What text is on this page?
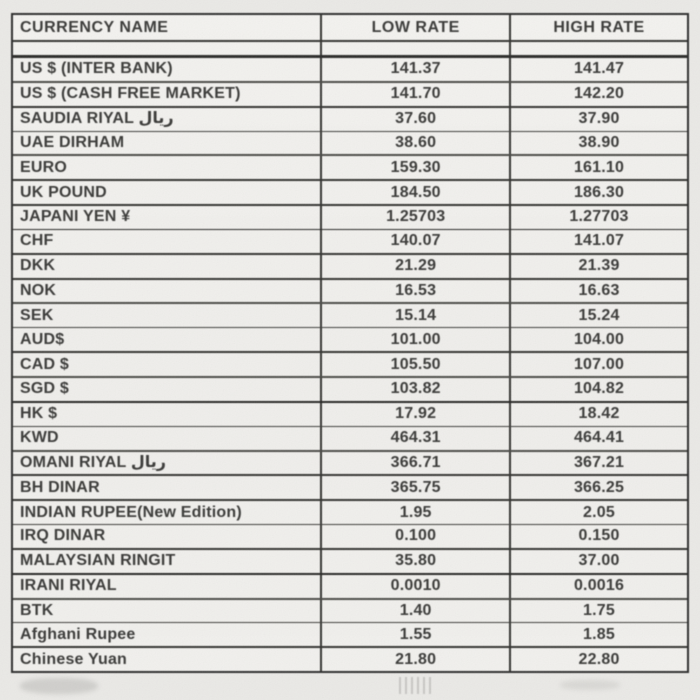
CURRENCY NAME	LOW RATE	HIGH RATE
US $ (INTER BANK)	141.37	141.47
US $ (CASH FREE MARKET)	141.70	142.20
SAUDIA RIYAL ريال	37.60	37.90
UAE DIRHAM	38.60	38.90
EURO	159.30	161.10
UK POUND	184.50	186.30
JAPANI YEN ¥	1.25703	1.27703
CHF	140.07	141.07
DKK	21.29	21.39
NOK	16.53	16.63
SEK	15.14	15.24
AUD$	101.00	104.00
CAD $	105.50	107.00
SGD $	103.82	104.82
HK $	17.92	18.42
KWD	464.31	464.41
OMANI RIYAL ريال	366.71	367.21
BH DINAR	365.75	366.25
INDIAN RUPEE(New Edition)	1.95	2.05
IRQ DINAR	0.100	0.150
MALAYSIAN RINGIT	35.80	37.00
IRANI RIYAL	0.0010	0.0016
BTK	1.40	1.75
Afghani Rupee	1.55	1.85
Chinese Yuan	21.80	22.80
